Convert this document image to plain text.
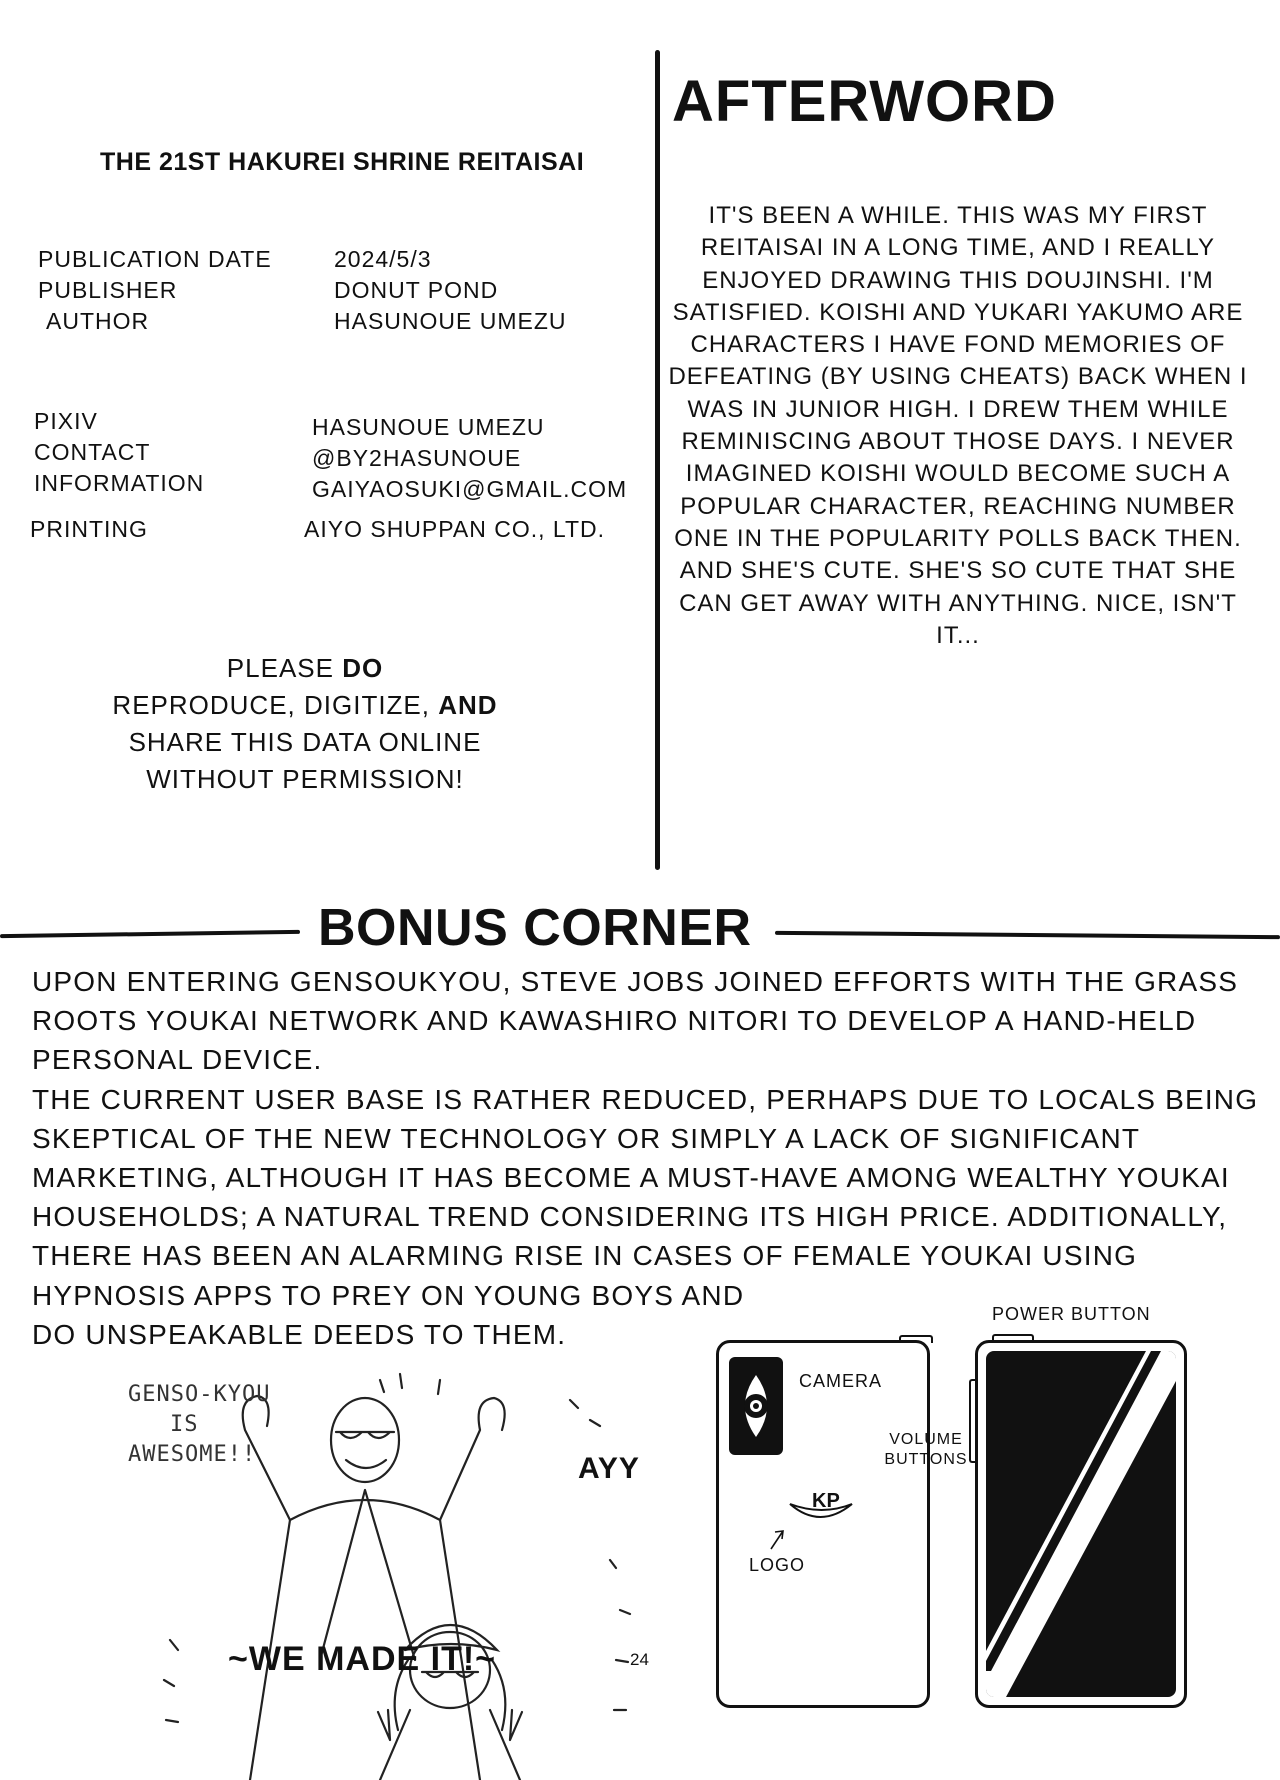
THE 21ST HAKUREI SHRINE REITAISAI
PUBLICATION DATE	2024/5/3
PUBLISHER	DONUT POND
AUTHOR	HASUNOUE UMEZU
PIXIV
CONTACT
INFORMATION
HASUNOUE UMEZU
@BY2HASUNOUE
GAIYAOSUKI@GMAIL.COM
PRINTING	AIYO SHUPPAN CO., LTD.
PLEASE DO
REPRODUCE, DIGITIZE, AND
SHARE THIS DATA ONLINE
WITHOUT PERMISSION!
AFTERWORD
IT'S BEEN A WHILE. THIS WAS MY FIRST REITAISAI IN A LONG TIME, AND I REALLY ENJOYED DRAWING THIS DOUJINSHI. I'M SATISFIED. KOISHI AND YUKARI YAKUMO ARE CHARACTERS I HAVE FOND MEMORIES OF DEFEATING (BY USING CHEATS) BACK WHEN I WAS IN JUNIOR HIGH. I DREW THEM WHILE REMINISCING ABOUT THOSE DAYS. I NEVER IMAGINED KOISHI WOULD BECOME SUCH A POPULAR CHARACTER, REACHING NUMBER ONE IN THE POPULARITY POLLS BACK THEN. AND SHE'S CUTE. SHE'S SO CUTE THAT SHE CAN GET AWAY WITH ANYTHING. NICE, ISN'T IT...
BONUS CORNER
UPON ENTERING GENSOUKYOU, STEVE JOBS JOINED EFFORTS WITH THE GRASS ROOTS YOUKAI NETWORK AND KAWASHIRO NITORI TO DEVELOP A HAND-HELD PERSONAL DEVICE.
THE CURRENT USER BASE IS RATHER REDUCED, PERHAPS DUE TO LOCALS BEING SKEPTICAL OF THE NEW TECHNOLOGY OR SIMPLY A LACK OF SIGNIFICANT MARKETING, ALTHOUGH IT HAS BECOME A MUST-HAVE AMONG WEALTHY YOUKAI HOUSEHOLDS; A NATURAL TREND CONSIDERING ITS HIGH PRICE. ADDITIONALLY, THERE HAS BEEN AN ALARMING RISE IN CASES OF FEMALE YOUKAI USING HYPNOSIS APPS TO PREY ON YOUNG BOYS AND
DO UNSPEAKABLE DEEDS TO THEM.
GENSO-KYOU
IS
AWESOME!!	AYY
~WE MADE IT!~	24
POWER BUTTON
CAMERA
LOGO
KP
VOLUME
BUTTONS
